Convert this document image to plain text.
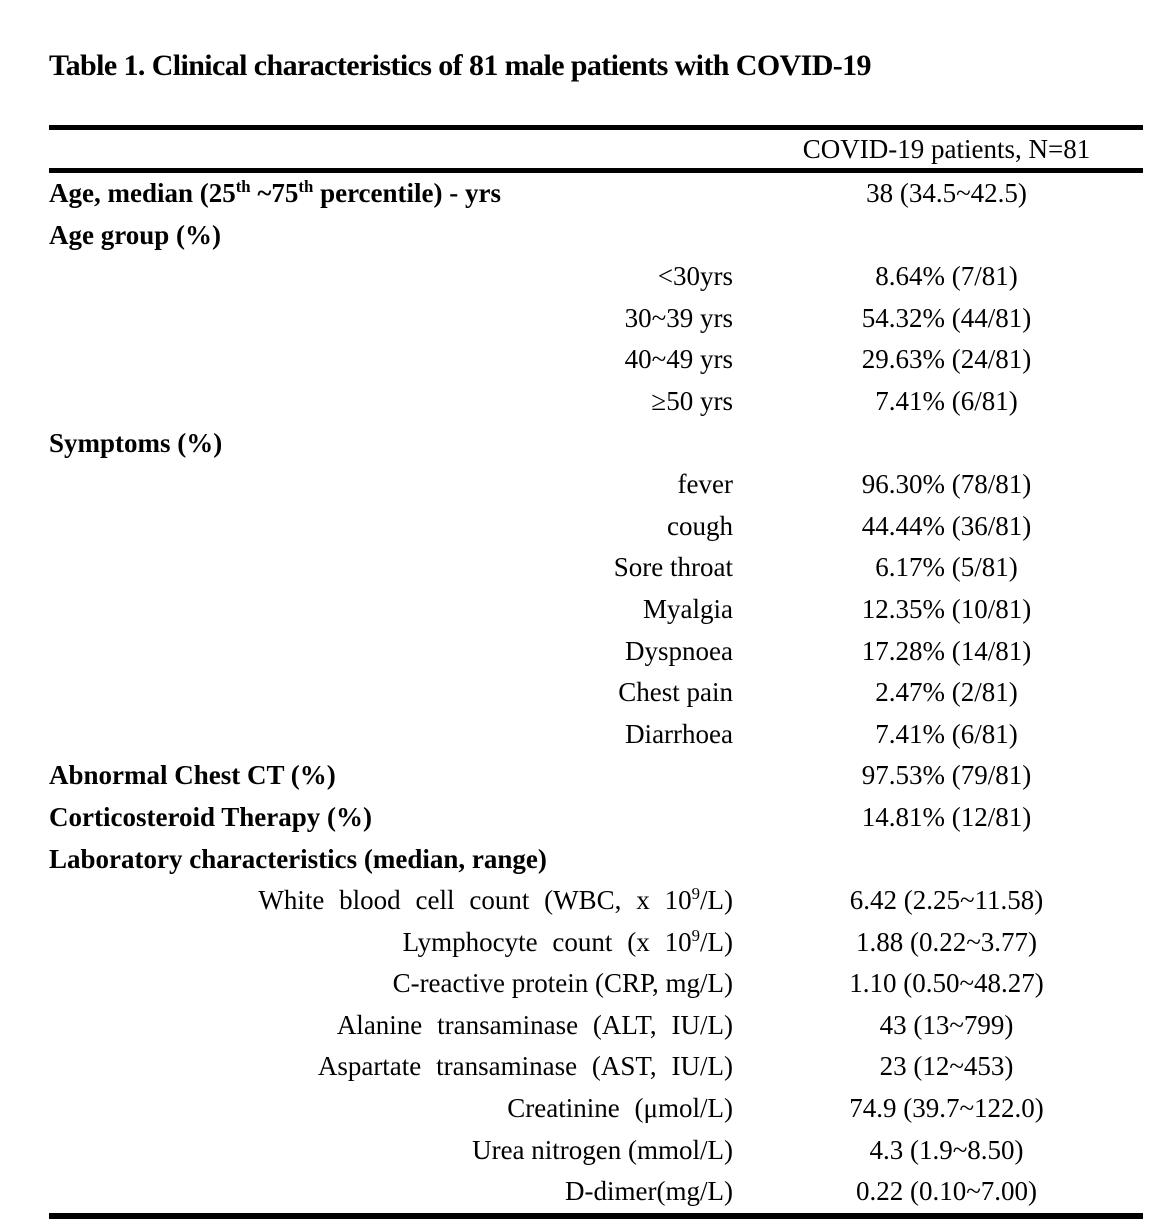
Table 1. Clinical characteristics of 81 male patients with COVID-19
COVID-19 patients, N=81
Age, median (25th ~75th percentile) - yrs	38 (34.5~42.5)
Age group (%)
<30yrs	8.64% (7/81)
30~39 yrs	54.32% (44/81)
40~49 yrs	29.63% (24/81)
≥50 yrs	7.41% (6/81)
Symptoms (%)
fever	96.30% (78/81)
cough	44.44% (36/81)
Sore throat	6.17% (5/81)
Myalgia	12.35% (10/81)
Dyspnoea	17.28% (14/81)
Chest pain	2.47% (2/81)
Diarrhoea	7.41% (6/81)
Abnormal Chest CT (%)	97.53% (79/81)
Corticosteroid Therapy (%)	14.81% (12/81)
Laboratory characteristics (median, range)
White blood cell count (WBC, x $10^9/L$)	6.42 (2.25~11.58)
Lymphocyte count (x $10^9/L$)	1.88 (0.22~3.77)
C-reactive protein (CRP, mg/L)	1.10 (0.50~48.27)
Alanine transaminase (ALT, IU/L)	43 (13~799)
Aspartate transaminase (AST, IU/L)	23 (12~453)
Creatinine (μmol/L)	74.9 (39.7~122.0)
Urea nitrogen (mmol/L)	4.3 (1.9~8.50)
D-dimer(mg/L)	0.22 (0.10~7.00)
